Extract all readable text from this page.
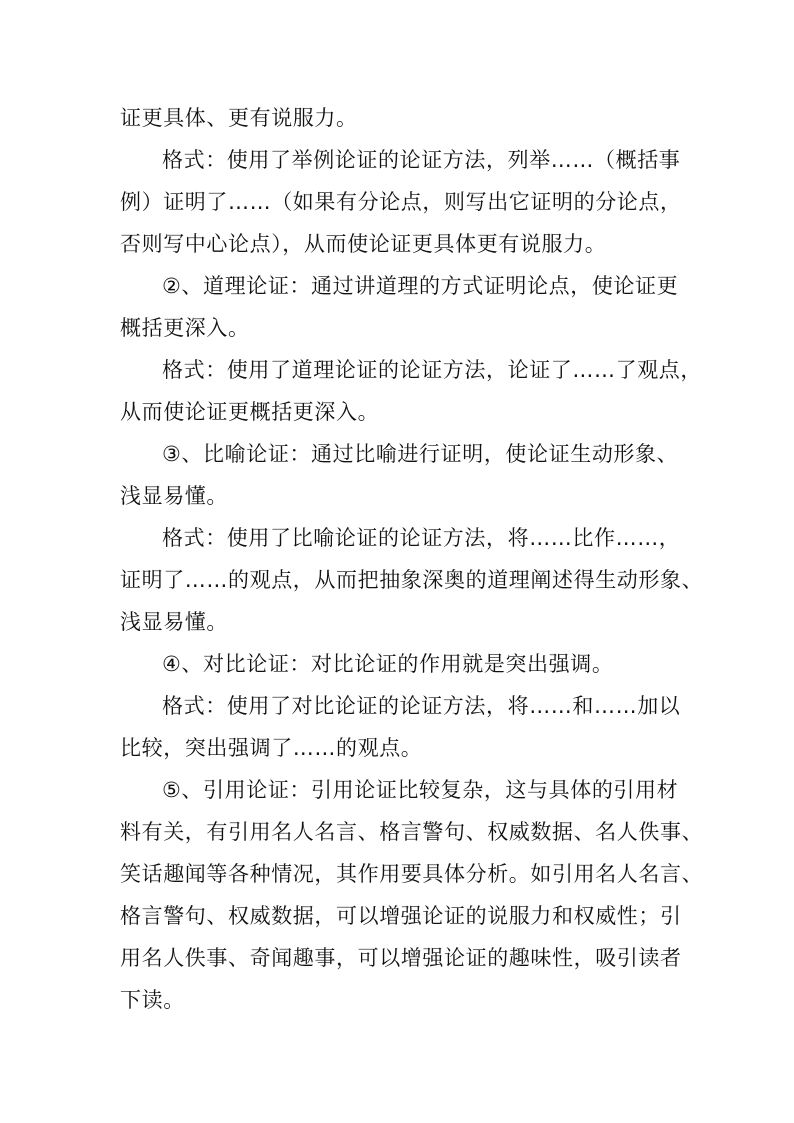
证更具体、更有说服力。
格式：使用了举例论证的论证方法，列举……（概括事
例）证明了……（如果有分论点，则写出它证明的分论点，
否则写中心论点），从而使论证更具体更有说服力。
②、道理论证：通过讲道理的方式证明论点，使论证更
概括更深入。
格式：使用了道理论证的论证方法，论证了……了观点，
从而使论证更概括更深入。
③、比喻论证：通过比喻进行证明，使论证生动形象、
浅显易懂。
格式：使用了比喻论证的论证方法，将……比作……，
证明了……的观点，从而把抽象深奥的道理阐述得生动形象、
浅显易懂。
④、对比论证：对比论证的作用就是突出强调。
格式：使用了对比论证的论证方法，将……和……加以
比较，突出强调了……的观点。
⑤、引用论证：引用论证比较复杂，这与具体的引用材
料有关，有引用名人名言、格言警句、权威数据、名人佚事、
笑话趣闻等各种情况，其作用要具体分析。如引用名人名言、
格言警句、权威数据，可以增强论证的说服力和权威性；引
用名人佚事、奇闻趣事，可以增强论证的趣味性，吸引读者
下读。
